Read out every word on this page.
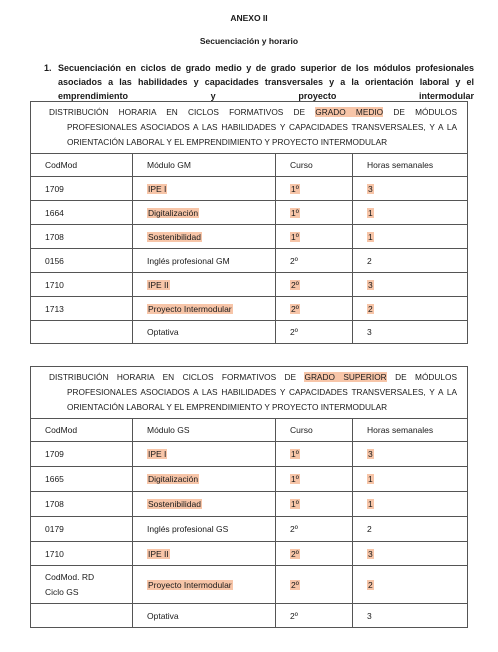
ANEXO II
Secuenciación y horario
1. Secuenciación en ciclos de grado medio y de grado superior de los módulos profesionales asociados a las habilidades y capacidades transversales y a la orientación laboral y el emprendimiento y proyecto intermodular
DISTRIBUCIÓN HORARIA EN CICLOS FORMATIVOS DE GRADO MEDIO DE MÓDULOS PROFESIONALES ASOCIADOS A LAS HABILIDADES Y CAPACIDADES TRANSVERSALES, Y A LA ORIENTACIÓN LABORAL Y EL EMPRENDIMIENTO Y PROYECTO INTERMODULAR			

CodMod	Módulo GM	Curso	Horas semanales
1709	IPE I	1º	3
1664	Digitalización	1º	1
1708	Sostenibilidad	1º	1
0156	Inglés profesional GM	2º	2
1710	IPE II	2º	3
1713	Proyecto Intermodular	2º	2
	Optativa	2º	3
DISTRIBUCIÓN HORARIA EN CICLOS FORMATIVOS DE GRADO SUPERIOR DE MÓDULOS PROFESIONALES ASOCIADOS A LAS HABILIDADES Y CAPACIDADES TRANSVERSALES, Y A LA ORIENTACIÓN LABORAL Y EL EMPRENDIMIENTO Y PROYECTO INTERMODULAR			

CodMod	Módulo GS	Curso	Horas semanales
1709	IPE I	1º	3
1665	Digitalización	1º	1
1708	Sostenibilidad	1º	1
0179	Inglés profesional GS	2º	2
1710	IPE II	2º	3
CodMod. RD Ciclo GS	Proyecto Intermodular	2º	2
	Optativa	2º	3
